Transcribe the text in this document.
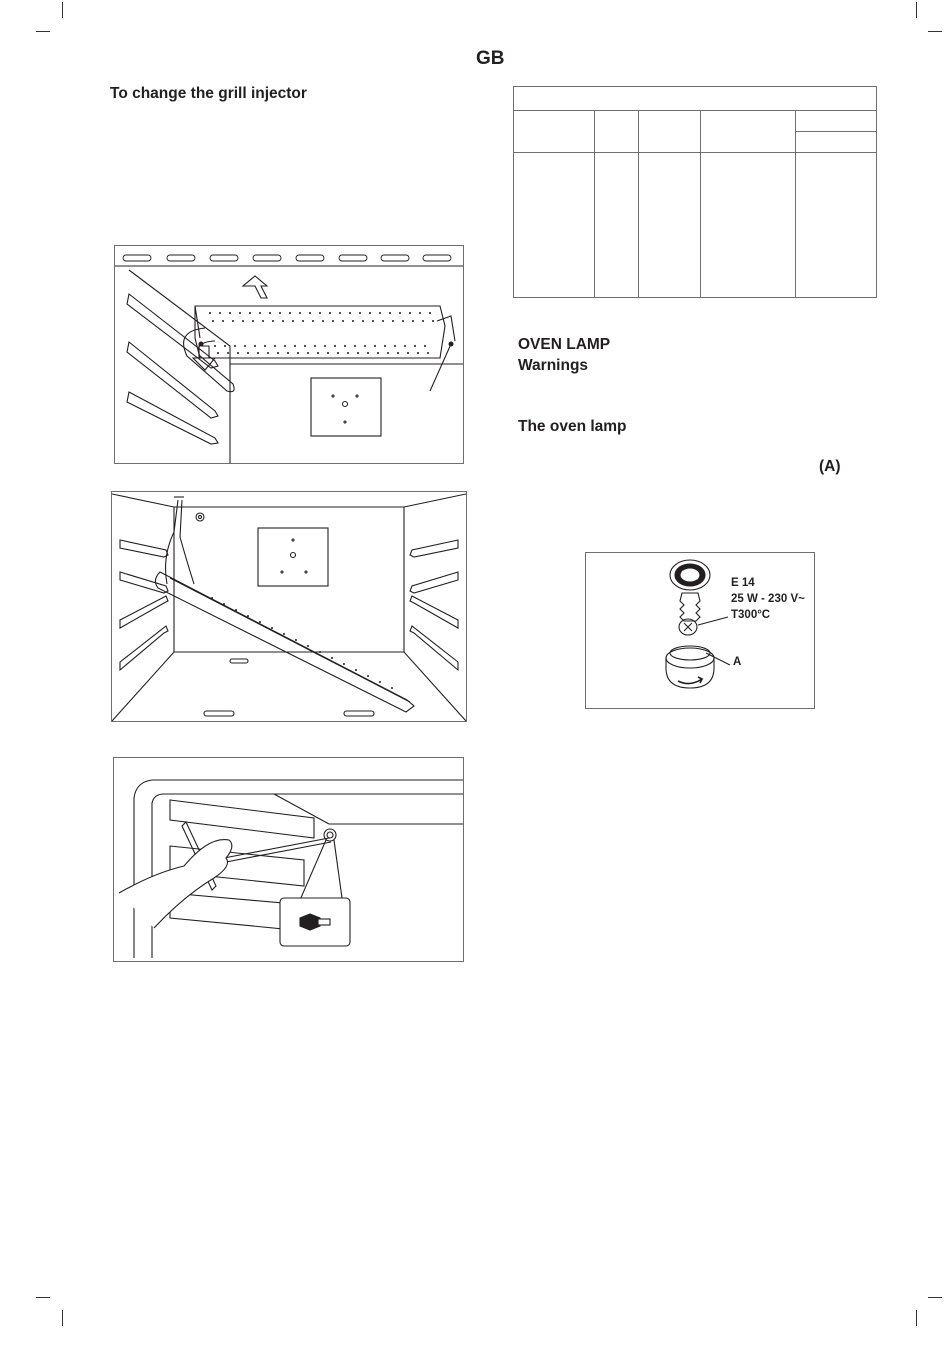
GB
To change the grill injector
OVEN LAMP
Warnings
The oven lamp
(A)
E 14
25 W - 230 V~
T300°C
A
